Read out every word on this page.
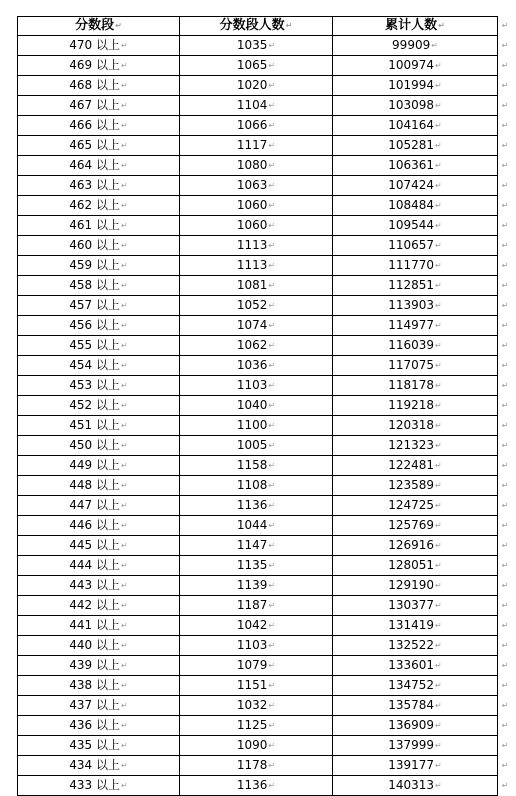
分数段↵	分数段人数↵	累计人数↵
470 以上↵	1035↵	99909↵
469 以上↵	1065↵	100974↵
468 以上↵	1020↵	101994↵
467 以上↵	1104↵	103098↵
466 以上↵	1066↵	104164↵
465 以上↵	1117↵	105281↵
464 以上↵	1080↵	106361↵
463 以上↵	1063↵	107424↵
462 以上↵	1060↵	108484↵
461 以上↵	1060↵	109544↵
460 以上↵	1113↵	110657↵
459 以上↵	1113↵	111770↵
458 以上↵	1081↵	112851↵
457 以上↵	1052↵	113903↵
456 以上↵	1074↵	114977↵
455 以上↵	1062↵	116039↵
454 以上↵	1036↵	117075↵
453 以上↵	1103↵	118178↵
452 以上↵	1040↵	119218↵
451 以上↵	1100↵	120318↵
450 以上↵	1005↵	121323↵
449 以上↵	1158↵	122481↵
448 以上↵	1108↵	123589↵
447 以上↵	1136↵	124725↵
446 以上↵	1044↵	125769↵
445 以上↵	1147↵	126916↵
444 以上↵	1135↵	128051↵
443 以上↵	1139↵	129190↵
442 以上↵	1187↵	130377↵
441 以上↵	1042↵	131419↵
440 以上↵	1103↵	132522↵
439 以上↵	1079↵	133601↵
438 以上↵	1151↵	134752↵
437 以上↵	1032↵	135784↵
436 以上↵	1125↵	136909↵
435 以上↵	1090↵	137999↵
434 以上↵	1178↵	139177↵
433 以上↵	1136↵	140313↵
↵
↵
↵
↵
↵
↵
↵
↵
↵
↵
↵
↵
↵
↵
↵
↵
↵
↵
↵
↵
↵
↵
↵
↵
↵
↵
↵
↵
↵
↵
↵
↵
↵
↵
↵
↵
↵
↵
↵
